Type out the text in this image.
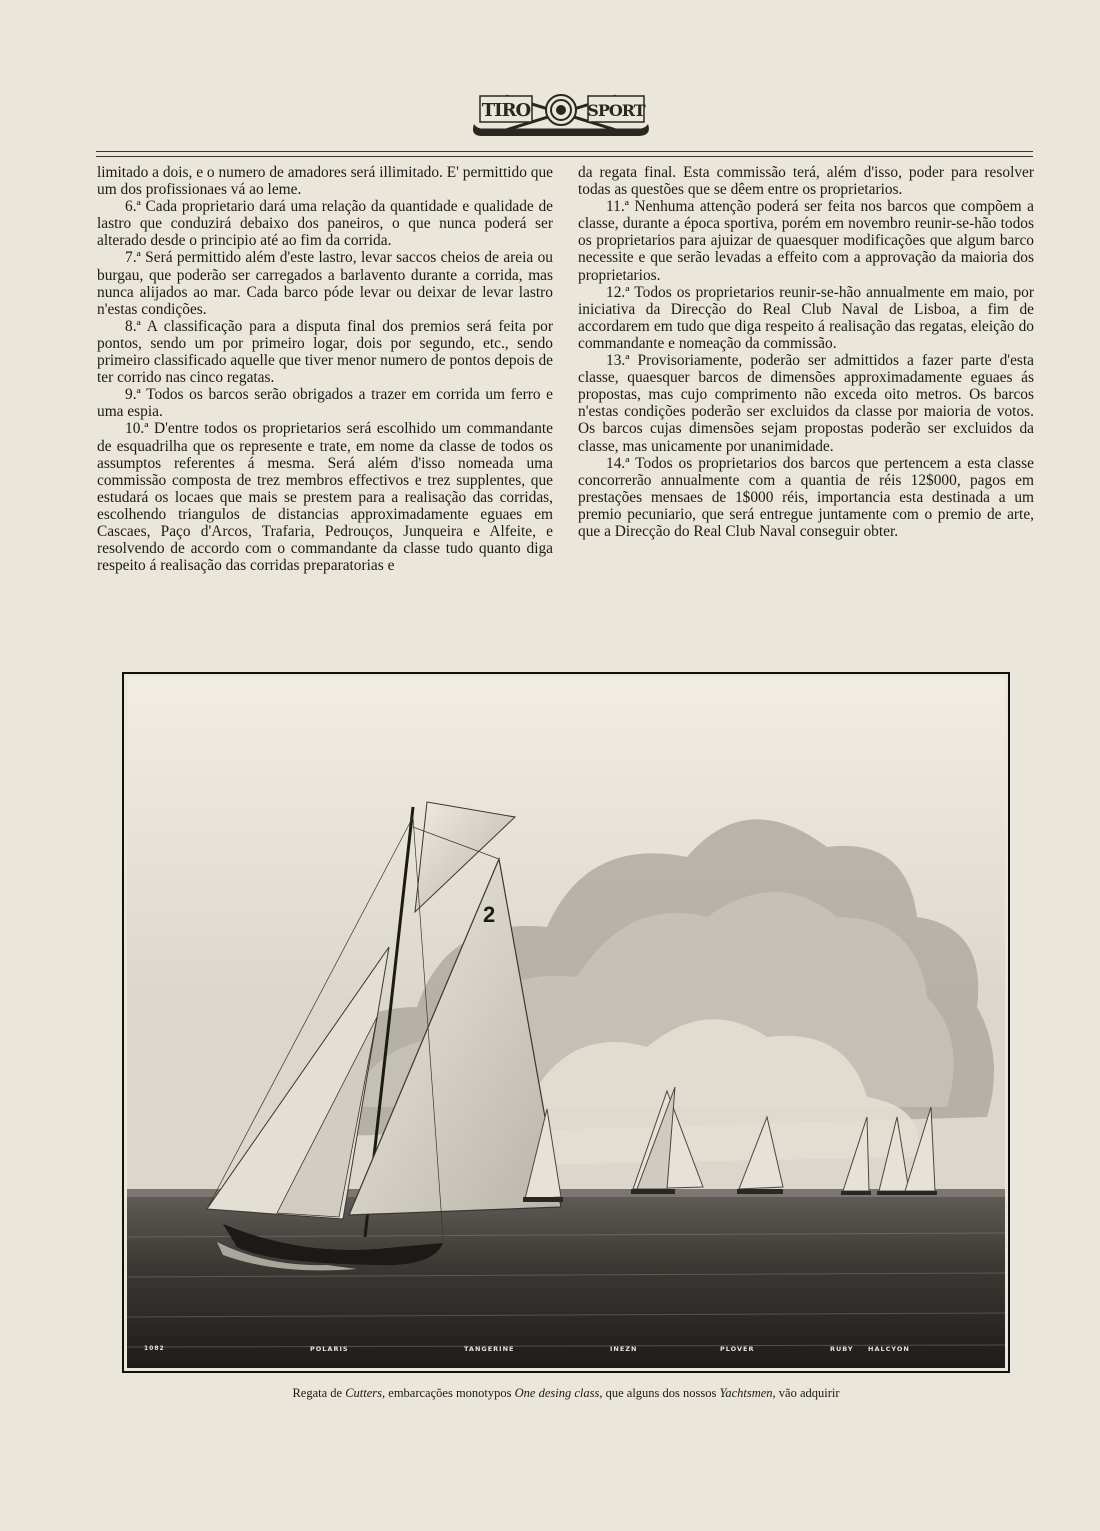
TIRO	SPORT

limitado a dois, e o numero de amadores será illimitado. E' permittido que um dos profissionaes vá ao leme.

6.ª Cada proprietario dará uma relação da quantidade e qualidade de lastro que conduzirá debaixo dos paneiros, o que nunca poderá ser alterado desde o principio até ao fim da corrida.

7.ª Será permittido além d'este lastro, levar saccos cheios de areia ou burgau, que poderão ser carregados a barlavento durante a corrida, mas nunca alijados ao mar. Cada barco póde levar ou deixar de levar lastro n'estas condições.

8.ª A classificação para a disputa final dos premios será feita por pontos, sendo um por primeiro logar, dois por segundo, etc., sendo primeiro classificado aquelle que tiver menor numero de pontos depois de ter corrido nas cinco regatas.

9.ª Todos os barcos serão obrigados a trazer em corrida um ferro e uma espia.

10.ª D'entre todos os proprietarios será escolhido um commandante de esquadrilha que os represente e trate, em nome da classe de todos os assumptos referentes á mesma. Será além d'isso nomeada uma commissão composta de trez membros effectivos e trez supplentes, que estudará os locaes que mais se prestem para a realisação das corridas, escolhendo triangulos de distancias approximadamente eguaes em Cascaes, Paço d'Arcos, Trafaria, Pedrouços, Junqueira e Alfeite, e resolvendo de accordo com o commandante da classe tudo quanto diga respeito á realisação das corridas preparatorias e

da regata final. Esta commissão terá, além d'isso, poder para resolver todas as questões que se dêem entre os proprietarios.

11.ª Nenhuma attenção poderá ser feita nos barcos que compõem a classe, durante a época sportiva, porém em novembro reunir-se-hão todos os proprietarios para ajuizar de quaesquer modificações que algum barco necessite e que serão levadas a effeito com a approvação da maioria dos proprietarios.

12.ª Todos os proprietarios reunir-se-hão annualmente em maio, por iniciativa da Direcção do Real Club Naval de Lisboa, a fim de accordarem em tudo que diga respeito á realisação das regatas, eleição do commandante e nomeação da commissão.

13.ª Provisoriamente, poderão ser admittidos a fazer parte d'esta classe, quaesquer barcos de dimensões approximadamente eguaes ás propostas, mas cujo comprimento não exceda oito metros. Os barcos n'estas condições poderão ser excluidos da classe por maioria de votos. Os barcos cujas dimensões sejam propostas poderão ser excluidos da classe, mas unicamente por unanimidade.

14.ª Todos os proprietarios dos barcos que pertencem a esta classe concorrerão annualmente com a quantia de réis 12$000, pagos em prestações mensaes de 1$000 réis, importancia esta destinada a um premio pecuniario, que será entregue juntamente com o premio de arte, que a Direcção do Real Club Naval conseguir obter.

2
1082	POLARIS	TANGERINE	INEZN	PLOVER	RUBY HALCYON
Regata de Cutters, embarcações monotypos One desing class, que alguns dos nossos Yachtsmen, vão adquirir
